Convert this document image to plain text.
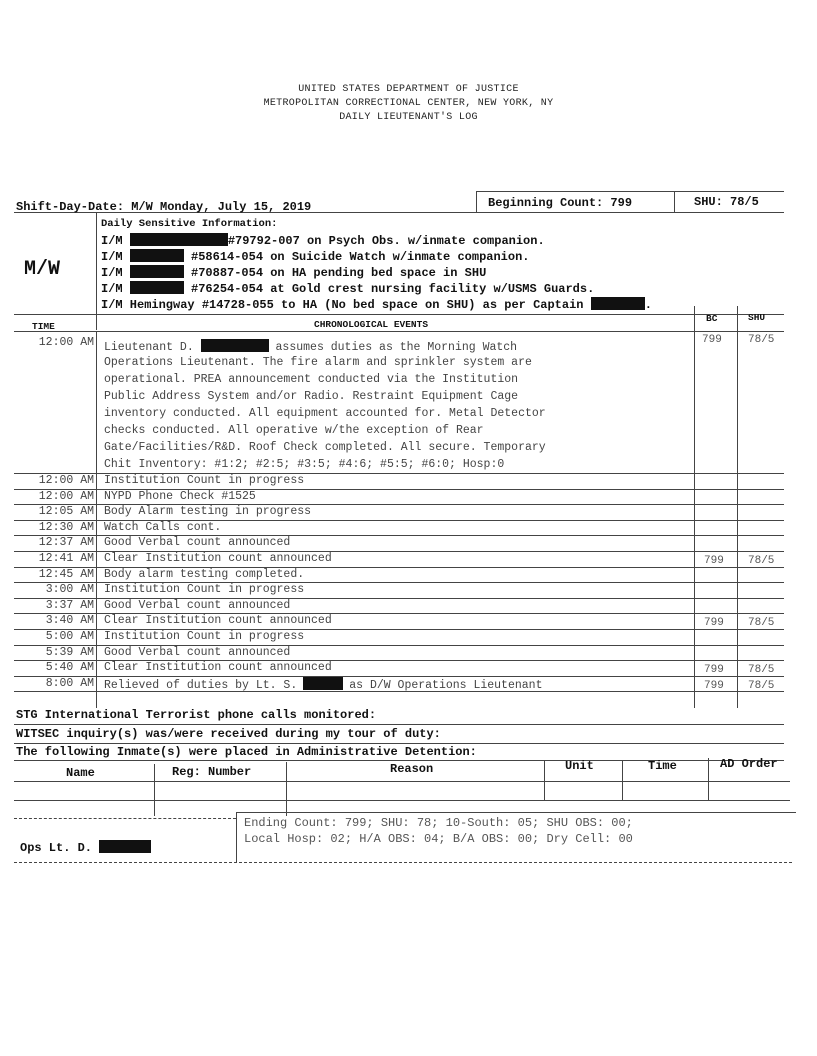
UNITED STATES DEPARTMENT OF JUSTICE
METROPOLITAN CORRECTIONAL CENTER, NEW YORK, NY
DAILY LIEUTENANT'S LOG
Shift-Day-Date: M/W Monday, July 15, 2019	Beginning Count: 799	SHU: 78/5
M/W
Daily Sensitive Information:
I/M	#79792-007 on Psych Obs. w/inmate companion.
I/M	#58614-054 on Suicide Watch w/inmate companion.
I/M	#70887-054 on HA pending bed space in SHU
I/M	#76254-054 at Gold crest nursing facility w/USMS Guards.
I/M Hemingway #14728-055 to HA (No bed space on SHU) as per Captain	.
TIME	CHRONOLOGICAL EVENTS
BC	SHU
12:00 AM Lieutenant D.	assumes duties as the Morning Watch
Operations Lieutenant. The fire alarm and sprinkler system are
operational. PREA announcement conducted via the Institution
Public Address System and/or Radio. Restraint Equipment Cage
inventory conducted. All equipment accounted for. Metal Detector
checks conducted. All operative w/the exception of Rear
Gate/Facilities/R&D. Roof Check completed. All secure. Temporary
Chit Inventory: #1:2; #2:5; #3:5; #4:6; #5:5; #6:0; Hosp:0
799 78/5
12:00 AM Institution Count in progress
12:00 AM NYPD Phone Check #1525
12:05 AM Body Alarm testing in progress
12:30 AM Watch Calls cont.
12:37 AM Good Verbal count announced
12:41 AM Clear Institution count announced	799 78/5
12:45 AM Body alarm testing completed.
3:00 AM Institution Count in progress
3:37 AM Good Verbal count announced
3:40 AM Clear Institution count announced	799 78/5
5:00 AM Institution Count in progress
5:39 AM Good Verbal count announced
5:40 AM Clear Institution count announced	799 78/5
8:00 AM Relieved of duties by Lt. S.	as D/W Operations Lieutenant	799 78/5
STG International Terrorist phone calls monitored:
WITSEC inquiry(s) was/were received during my tour of duty:
The following Inmate(s) were placed in Administrative Detention:
Name	Reg: Number	Reason	Unit	Time	AD Order
Ending Count: 799; SHU: 78; 10-South: 05; SHU OBS: 00;
Local Hosp: 02; H/A OBS: 04; B/A OBS: 00; Dry Cell: 00
Ops Lt. D.
